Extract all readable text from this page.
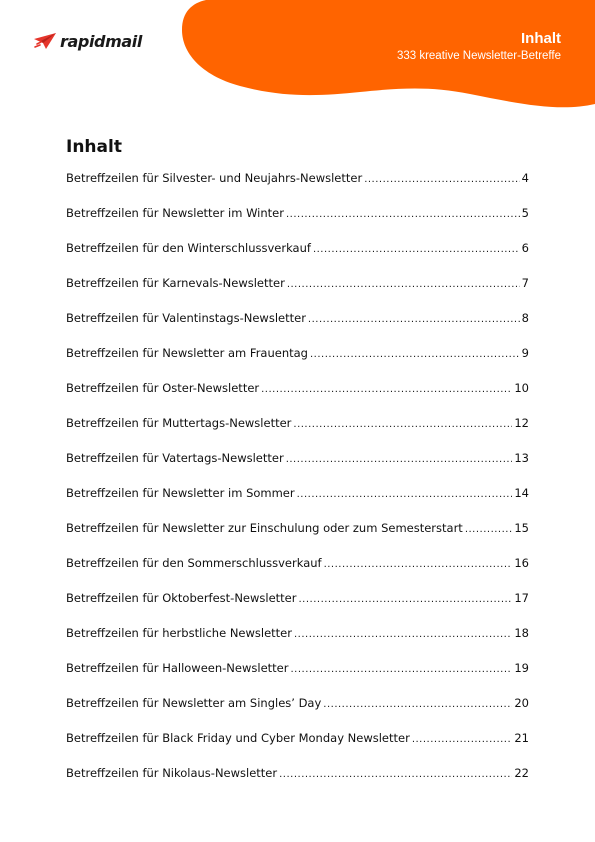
rapidmail	Inhalt
333 kreative Newsletter-Betreffe
Inhalt
Betreffzeilen für Silvester- und Neujahrs-Newsletter .....	4
Betreffzeilen für Newsletter im Winter .....	5
Betreffzeilen für den Winterschlussverkauf .....	6
Betreffzeilen für Karnevals-Newsletter .....	7
Betreffzeilen für Valentinstags-Newsletter .....	8
Betreffzeilen für Newsletter am Frauentag .....	9
Betreffzeilen für Oster-Newsletter .....	10
Betreffzeilen für Muttertags-Newsletter .....	12
Betreffzeilen für Vatertags-Newsletter .....	13
Betreffzeilen für Newsletter im Sommer .....	14
Betreffzeilen für Newsletter zur Einschulung oder zum Semesterstart .....	15
Betreffzeilen für den Sommerschlussverkauf .....	16
Betreffzeilen für Oktoberfest-Newsletter .....	17
Betreffzeilen für herbstliche Newsletter .....	18
Betreffzeilen für Halloween-Newsletter .....	19
Betreffzeilen für Newsletter am Singles’ Day .....	20
Betreffzeilen für Black Friday und Cyber Monday Newsletter .....	21
Betreffzeilen für Nikolaus-Newsletter .....	22
